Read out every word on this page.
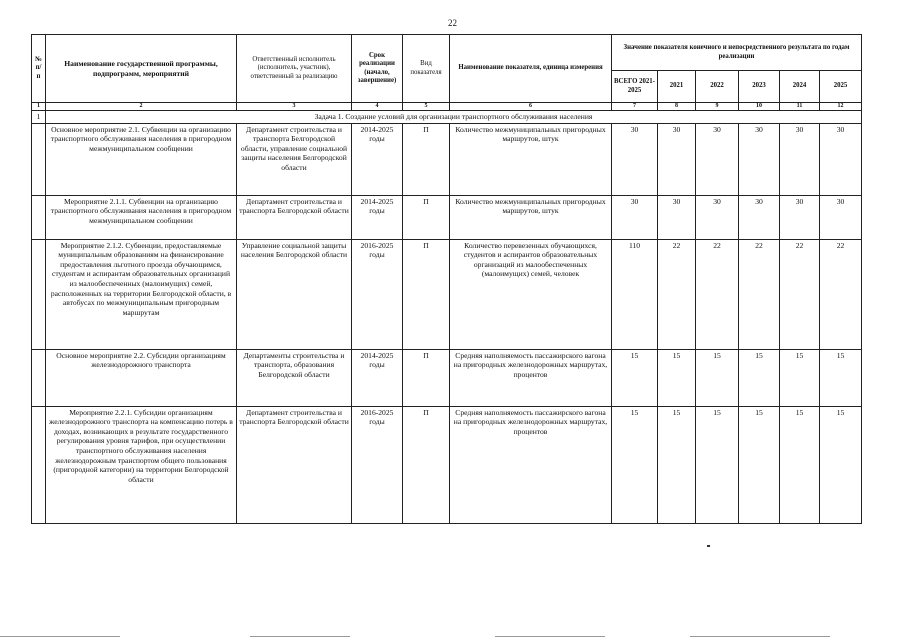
22
№ п/п	Наименование государственной программы, подпрограмм, мероприятий	Ответственный исполнитель (исполнитель, участник), ответственный за реализацию	Срок реализации (начало, завершение)	Вид показателя	Наименование показателя, единица измерения	Значение показателя конечного и непосредственного результата по годам реализации					
						ВСЕГО 2021-2025	2021	2022	2023	2024	2025
1	2	3	4	5	6	7	8	9	10	11	12
1	Задача 1. Создание условий для организации транспортного обслуживания населения										
	Основное мероприятие 2.1. Субвенции на организацию транспортного обслуживания населения в пригородном межмуниципальном сообщении	Департамент строительства и транспорта Белгородской области, управление социальной защиты населения Белгородской области	2014-2025 годы	П	Количество межмуниципальных пригородных маршрутов, штук	30	30	30	30	30	30
	Мероприятие 2.1.1. Субвенции на организацию транспортного обслуживания населения в пригородном межмуниципальном сообщении	Департамент строительства и транспорта Белгородской области	2014-2025 годы	П	Количество межмуниципальных пригородных маршрутов, штук	30	30	30	30	30	30
	Мероприятие 2.1.2. Субвенции, предоставляемые муниципальным образованиям на финансирование предоставления льготного проезда обучающимся, студентам и аспирантам образовательных организаций из малообеспеченных (малоимущих) семей, расположенных на территории Белгородской области, в автобусах по межмуниципальным пригородным маршрутам	Управление социальной защиты населения Белгородской области	2016-2025 годы	П	Количество перевезенных обучающихся, студентов и аспирантов образовательных организаций из малообеспеченных (малоимущих) семей, человек	110	22	22	22	22	22
	Основное мероприятие 2.2. Субсидии организациям железнодорожного транспорта	Департаменты строительства и транспорта, образования Белгородской области	2014-2025 годы	П	Средняя наполняемость пассажирского вагона на пригородных железнодорожных маршрутах, процентов	15	15	15	15	15	15
	Мероприятие 2.2.1. Субсидии организациям железнодорожного транспорта на компенсацию потерь в доходах, возникающих в результате государственного регулирования уровня тарифов, при осуществлении транспортного обслуживания населения железнодорожным транспортом общего пользования (пригородной категории) на территории Белгородской области	Департамент строительства и транспорта Белгородской области	2016-2025 годы	П	Средняя наполняемость пассажирского вагона на пригородных железнодорожных маршрутах, процентов	15	15	15	15	15	15
